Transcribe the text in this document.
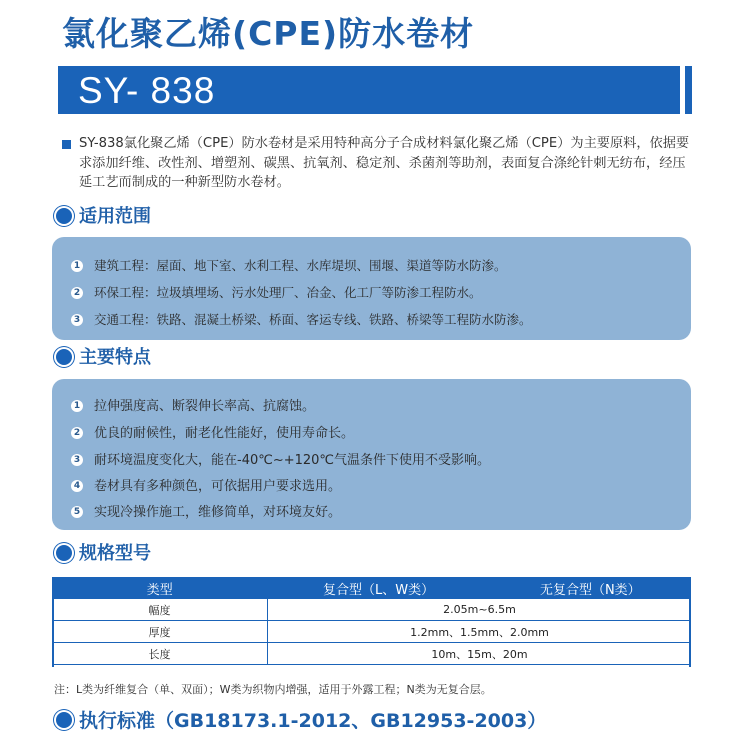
氯化聚乙烯(CPE)防水卷材
SY- 838
SY-838氯化聚乙烯（CPE）防水卷材是采用特种高分子合成材料氯化聚乙烯（CPE）为主要原料，依据要求添加纤维、改性剂、增塑剂、碳黑、抗氧剂、稳定剂、杀菌剂等助剂，表面复合涤纶针刺无纺布，经压延工艺而制成的一种新型防水卷材。
适用范围
1 建筑工程：屋面、地下室、水利工程、水库堤坝、围堰、渠道等防水防渗。
2 环保工程：垃圾填埋场、污水处理厂、冶金、化工厂等防渗工程防水。
3 交通工程：铁路、混凝土桥梁、桥面、客运专线、铁路、桥梁等工程防水防渗。
主要特点
1 拉伸强度高、断裂伸长率高、抗腐蚀。
2 优良的耐候性，耐老化性能好，使用寿命长。
3 耐环境温度变化大，能在-40℃~+120℃气温条件下使用不受影响。
4 卷材具有多种颜色，可依据用户要求选用。
5 实现冷操作施工，维修简单，对环境友好。
规格型号
类型	复合型（L、W类）	无复合型（N类）
幅度	2.05m~6.5m	
厚度	1.2mm、1.5mm、2.0mm	
长度	10m、15m、20m	
注：L类为纤维复合（单、双面）；W类为织物内增强，适用于外露工程；N类为无复合层。
执行标准（GB18173.1-2012、GB12953-2003）
